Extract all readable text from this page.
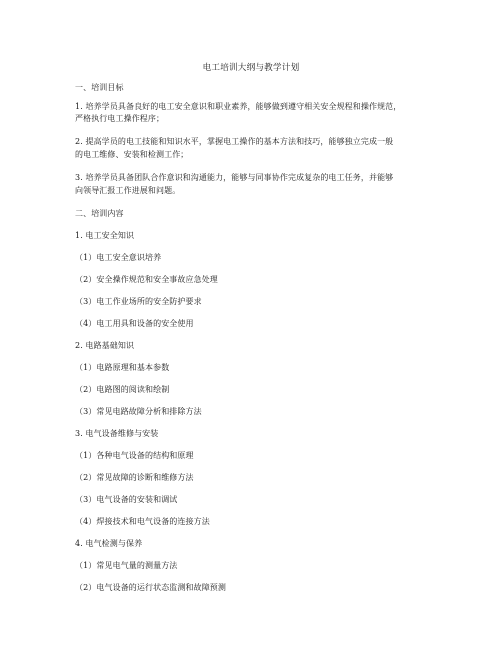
电工培训大纲与教学计划
一、培训目标
1. 培养学员具备良好的电工安全意识和职业素养，能够做到遵守相关安全规程和操作规范，
严格执行电工操作程序；
2. 提高学员的电工技能和知识水平，掌握电工操作的基本方法和技巧，能够独立完成一般
的电工维修、安装和检测工作；
3. 培养学员具备团队合作意识和沟通能力，能够与同事协作完成复杂的电工任务，并能够
向领导汇报工作进展和问题。
二、培训内容
1. 电工安全知识
（1）电工安全意识培养
（2）安全操作规范和安全事故应急处理
（3）电工作业场所的安全防护要求
（4）电工用具和设备的安全使用
2. 电路基础知识
（1）电路原理和基本参数
（2）电路图的阅读和绘制
（3）常见电路故障分析和排除方法
3. 电气设备维修与安装
（1）各种电气设备的结构和原理
（2）常见故障的诊断和维修方法
（3）电气设备的安装和调试
（4）焊接技术和电气设备的连接方法
4. 电气检测与保养
（1）常见电气量的测量方法
（2）电气设备的运行状态监测和故障预测
